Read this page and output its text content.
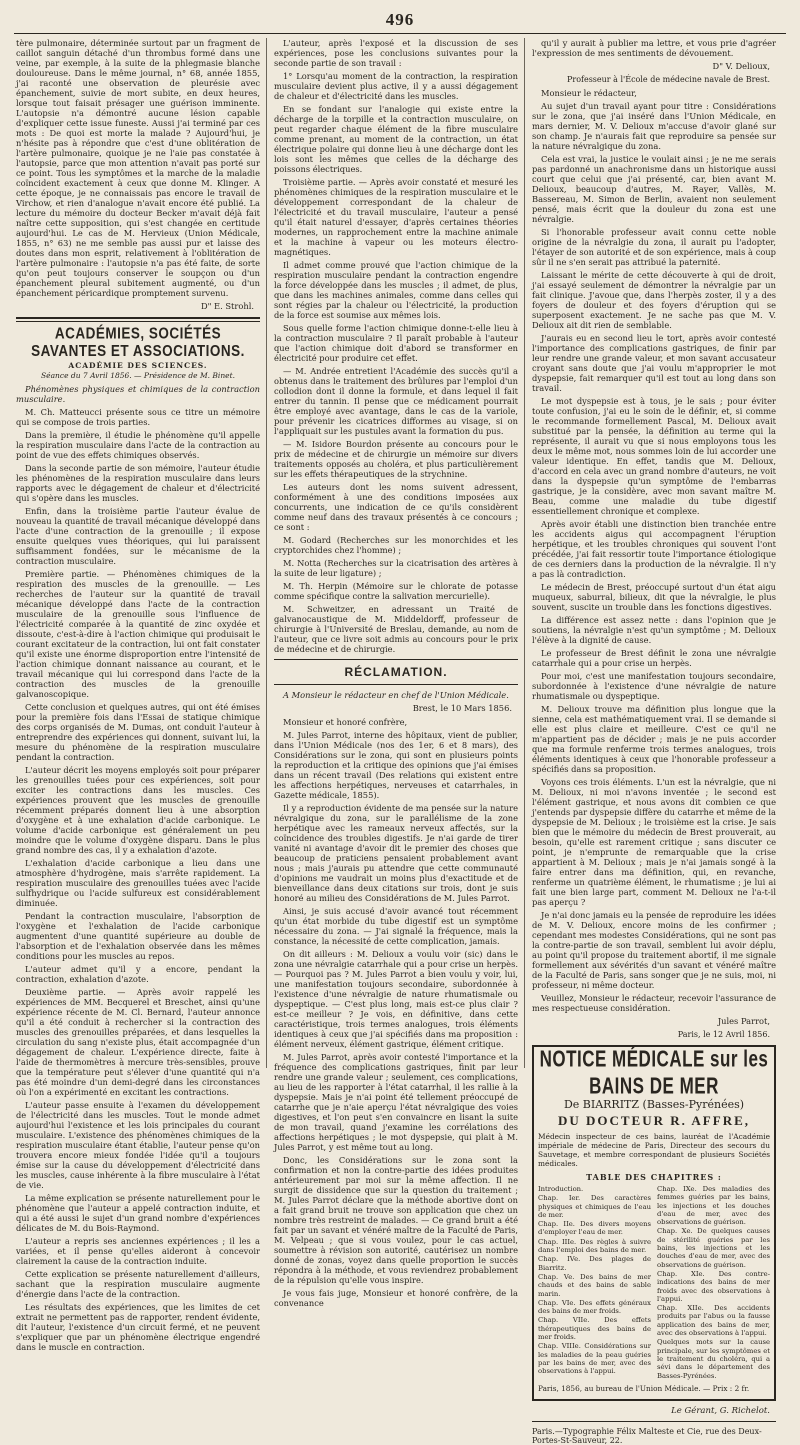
496

tère pulmonaire, déterminée surtout par un fragment de caillot sanguin détaché d'un thrombus formé dans une veine, par exemple, à la suite de la phlegmasie blanche douloureuse. Dans le même journal, n° 68, année 1855, j'ai raconté une observation de pleurésie avec épanchement, suivie de mort subite, en deux heures, lorsque tout faisait présager une guérison imminente. L'autopsie n'a démontré aucune lésion capable d'expliquer cette issue funeste. Aussi j'ai terminé par ces mots : De quoi est morte la malade ? Aujourd'hui, je n'hésite pas à répondre que c'est d'une oblitération de l'artère pulmonaire, quoique je ne l'aie pas constatée à l'autopsie, parce que mon attention n'avait pas porté sur ce point. Tous les symptômes et la marche de la maladie coïncident exactement à ceux que donne M. Klinger. A cette époque, je ne connaissais pas encore le travail de Virchow, et rien d'analogue n'avait encore été publié. La lecture du mémoire du docteur Becker m'avait déjà fait naître cette supposition, qui s'est changée en certitude aujourd'hui. Le cas de M. Hervieux (Union Médicale, 1855, n° 63) ne me semble pas aussi pur et laisse des doutes dans mon esprit, relativement à l'oblitération de l'artère pulmonaire : l'autopsie n'a pas été faite, de sorte qu'on peut toujours conserver le soupçon ou d'un épanchement pleural subitement augmenté, ou d'un épanchement péricardique promptement survenu.

D" E. Strohl.
ACADÉMIES, SOCIÉTÉS SAVANTES ET ASSOCIATIONS.
ACADÉMIE DES SCIENCES.
Séance du 7 Avril 1856. — Présidence de M. Binet.

Phénomènes physiques et chimiques de la contraction musculaire.

M. Ch. Matteucci présente sous ce titre un mémoire qui se compose de trois parties.

Dans la première, il étudie le phénomène qu'il appelle la respiration musculaire dans l'acte de la contraction au point de vue des effets chimiques observés.

Dans la seconde partie de son mémoire, l'auteur étudie les phénomènes de la respiration musculaire dans leurs rapports avec le dégagement de chaleur et d'électricité qui s'opère dans les muscles.

Enfin, dans la troisième partie l'auteur évalue de nouveau la quantité de travail mécanique développé dans l'acte d'une contraction de la grenouille ; il expose ensuite quelques vues théoriques, qui lui paraissent suffisamment fondées, sur le mécanisme de la contraction musculaire.

Première partie. — Phénomènes chimiques de la respiration des muscles de la grenouille. — Les recherches de l'auteur sur la quantité de travail mécanique développé dans l'acte de la contraction musculaire de la grenouille sous l'influence de l'électricité comparée à la quantité de zinc oxydée et dissoute, c'est-à-dire à l'action chimique qui produisait le courant excitateur de la contraction, lui ont fait constater qu'il existe une énorme disproportion entre l'intensité de l'action chimique donnant naissance au courant, et le travail mécanique qui lui correspond dans l'acte de la contraction des muscles de la grenouille galvanoscopique.

Cette conclusion et quelques autres, qui ont été émises pour la première fois dans l'Essai de statique chimique des corps organisés de M. Dumas, ont conduit l'auteur à entreprendre des expériences qui donnent, suivant lui, la mesure du phénomène de la respiration musculaire pendant la contraction.

L'auteur décrit les moyens employés soit pour préparer les grenouilles tuées pour ces expériences, soit pour exciter les contractions dans les muscles. Ces expériences prouvent que les muscles de grenouille récemment préparés donnent lieu à une absorption d'oxygène et à une exhalation d'acide carbonique. Le volume d'acide carbonique est généralement un peu moindre que le volume d'oxygène disparu. Dans le plus grand nombre des cas, il y a exhalation d'azote.

L'exhalation d'acide carbonique a lieu dans une atmosphère d'hydrogène, mais s'arrête rapidement. La respiration musculaire des grenouilles tuées avec l'acide sulfhydrique ou l'acide sulfureux est considérablement diminuée.

Pendant la contraction musculaire, l'absorption de l'oxygène et l'exhalation de l'acide carbonique augmentent d'une quantité supérieure au double de l'absorption et de l'exhalation observée dans les mêmes conditions pour les muscles au repos.

L'auteur admet qu'il y a encore, pendant la contraction, exhalation d'azote.

Deuxième partie. — Après avoir rappelé les expériences de MM. Becquerel et Breschet, ainsi qu'une expérience récente de M. Cl. Bernard, l'auteur annonce qu'il a été conduit à rechercher si la contraction des muscles des grenouilles préparées, et dans lesquelles la circulation du sang n'existe plus, était accompagnée d'un dégagement de chaleur. L'expérience directe, faite à l'aide de thermomètres à mercure très-sensibles, prouve que la température peut s'élever d'une quantité qui n'a pas été moindre d'un demi-degré dans les circonstances où l'on a expérimenté en excitant les contractions.

L'auteur passe ensuite à l'examen du développement de l'électricité dans les muscles. Tout le monde admet aujourd'hui l'existence et les lois principales du courant musculaire. L'existence des phénomènes chimiques de la respiration musculaire étant établie, l'auteur pense qu'on trouvera encore mieux fondée l'idée qu'il a toujours émise sur la cause du développement d'électricité dans les muscles, cause inhérente à la fibre musculaire à l'état de vie.

La même explication se présente naturellement pour le phénomène que l'auteur a appelé contraction induite, et qui a été aussi le sujet d'un grand nombre d'expériences délicates de M. du Bois-Raymond.

L'auteur a repris ses anciennes expériences ; il les a variées, et il pense qu'elles aideront à concevoir clairement la cause de la contraction induite.

Cette explication se présente naturellement d'ailleurs, sachant que la respiration musculaire augmente d'énergie dans l'acte de la contraction.

Les résultats des expériences, que les limites de cet extrait ne permettent pas de rapporter, rendent évidente, dit l'auteur, l'existence d'un circuit fermé, et ne peuvent s'expliquer que par un phénomène électrique engendré dans le muscle en contraction.

L'auteur, après l'exposé et la discussion de ses expériences, pose les conclusions suivantes pour la seconde partie de son travail :

1° Lorsqu'au moment de la contraction, la respiration musculaire devient plus active, il y a aussi dégagement de chaleur et d'électricité dans les muscles.

En se fondant sur l'analogie qui existe entre la décharge de la torpille et la contraction musculaire, on peut regarder chaque élément de la fibre musculaire comme prenant, au moment de la contraction, un état électrique polaire qui donne lieu à une décharge dont les lois sont les mêmes que celles de la décharge des poissons électriques.

Troisième partie. — Après avoir constaté et mesuré les phénomènes chimiques de la respiration musculaire et le développement correspondant de la chaleur de l'électricité et du travail musculaire, l'auteur a pensé qu'il était naturel d'essayer, d'après certaines théories modernes, un rapprochement entre la machine animale et la machine à vapeur ou les moteurs électro-magnétiques.

Il admet comme prouvé que l'action chimique de la respiration musculaire pendant la contraction engendre la force développée dans les muscles ; il admet, de plus, que dans les machines animales, comme dans celles qui sont régies par la chaleur ou l'électricité, la production de la force est soumise aux mêmes lois.

Sous quelle forme l'action chimique donne-t-elle lieu à la contraction musculaire ? Il paraît probable à l'auteur que l'action chimique doit d'abord se transformer en électricité pour produire cet effet.

— M. Andrée entretient l'Académie des succès qu'il a obtenus dans le traitement des brûlures par l'emploi d'un collodion dont il donne la formule, et dans lequel il fait entrer du tannin. Il pense que ce médicament pourrait être employé avec avantage, dans le cas de la variole, pour prévenir les cicatrices difformes au visage, si on l'appliquait sur les pustules avant la formation du pus.

— M. Isidore Bourdon présente au concours pour le prix de médecine et de chirurgie un mémoire sur divers traitements opposés au choléra, et plus particulièrement sur les effets thérapeutiques de la strychnine.

Les auteurs dont les noms suivent adressent, conformément à une des conditions imposées aux concurrents, une indication de ce qu'ils considèrent comme neuf dans des travaux présentés à ce concours ; ce sont :

M. Godard (Recherches sur les monorchides et les cryptorchides chez l'homme) ;

M. Notta (Recherches sur la cicatrisation des artères à la suite de leur ligature) ;

M. Th. Herpin (Mémoire sur le chlorate de potasse comme spécifique contre la salivation mercurielle).

M. Schweitzer, en adressant un Traité de galvanocaustique de M. Middeldorff, professeur de chirurgie à l'Université de Breslau, demande, au nom de l'auteur, que ce livre soit admis au concours pour le prix de médecine et de chirurgie.

RÉCLAMATION.

A Monsieur le rédacteur en chef de l'Union Médicale.

Brest, le 10 Mars 1856.

Monsieur et honoré confrère,

M. Jules Parrot, interne des hôpitaux, vient de publier, dans l'Union Médicale (nos des 1er, 6 et 8 mars), des Considérations sur le zona, qui sont en plusieurs points la reproduction et la critique des opinions que j'ai émises dans un récent travail (Des relations qui existent entre les affections herpétiques, nerveuses et catarrhales, in Gazette médicale, 1855).

Il y a reproduction évidente de ma pensée sur la nature névralgique du zona, sur le parallélisme de la zone herpétique avec les rameaux nerveux affectés, sur la coïncidence des troubles digestifs. Je n'ai garde de tirer vanité ni avantage d'avoir dit le premier des choses que beaucoup de praticiens pensaient probablement avant nous ; mais j'aurais pu attendre que cette communauté d'opinions me vaudrait un moins plus d'exactitude et de bienveillance dans deux citations sur trois, dont je suis honoré au milieu des Considérations de M. Jules Parrot.

Ainsi, je suis accusé d'avoir avancé tout récemment qu'un état morbide du tube digestif est un symptôme nécessaire du zona. — J'ai signalé la fréquence, mais la constance, la nécessité de cette complication, jamais.

On dit ailleurs : M. Delioux a voulu voir (sic) dans le zona une névralgie catarrhale qui a pour crise un herpès. — Pourquoi pas ? M. Jules Parrot a bien voulu y voir, lui, une manifestation toujours secondaire, subordonnée à l'existence d'une névralgie de nature rhumatismale ou dyspeptique. — C'est plus long, mais est-ce plus clair ? est-ce meilleur ? Je vois, en définitive, dans cette caractéristique, trois termes analogues, trois éléments identiques à ceux que j'ai spécifiés dans ma proposition : élément nerveux, élément gastrique, élément critique.

M. Jules Parrot, après avoir contesté l'importance et la fréquence des complications gastriques, finit par leur rendre une grande valeur ; seulement, ces complications, au lieu de les rapporter à l'état catarrhal, il les rallie à la dyspepsie. Mais je n'ai point été tellement préoccupé de catarrhe que je n'aie aperçu l'état névralgique des voies digestives, et l'on peut s'en convaincre en lisant la suite de mon travail, quand j'examine les corrélations des affections herpétiques ; le mot dyspepsie, qui plait à M. Jules Parrot, y est même tout au long.

Donc, les Considérations sur le zona sont la confirmation et non la contre-partie des idées produites antérieurement par moi sur la même affection. Il ne surgit de dissidence que sur la question du traitement ; M. Jules Parrot déclare que la méthode abortive dont on a fait grand bruit ne trouve son application que chez un nombre très restreint de malades. — Ce grand bruit a été fait par un savant et vénéré maître de la Faculté de Paris, M. Velpeau ; que si vous voulez, pour le cas actuel, soumettre à révision son autorité, cautérisez un nombre donné de zonas, voyez dans quelle proportion le succès répondra à la méthode, et vous reviendrez probablement de la répulsion qu'elle vous inspire.

Je vous fais juge, Monsieur et honoré confrère, de la convenance

qu'il y aurait à publier ma lettre, et vous prie d'agréer l'expression de mes sentiments de dévouement.

D" V. Delioux,
Professeur à l'École de médecine navale de Brest.

Monsieur le rédacteur,

Au sujet d'un travail ayant pour titre : Considérations sur le zona, que j'ai inséré dans l'Union Médicale, en mars dernier, M. V. Delioux m'accuse d'avoir glané sur son champ. Je n'aurais fait que reproduire sa pensée sur la nature névralgique du zona.

Cela est vrai, la justice le voulait ainsi ; je ne me serais pas pardonné un anachronisme dans un historique aussi court que celui que j'ai présenté, car, bien avant M. Delioux, beaucoup d'autres, M. Rayer, Vallès, M. Bassereau, M. Simon de Berlin, avaient non seulement pensé, mais écrit que la douleur du zona est une névralgie.

Si l'honorable professeur avait connu cette noble origine de la névralgie du zona, il aurait pu l'adopter, l'étayer de son autorité et de son expérience, mais à coup sûr il ne s'en serait pas attribué la paternité.

Laissant le mérite de cette découverte à qui de droit, j'ai essayé seulement de démontrer la névralgie par un fait clinique. J'avoue que, dans l'herpès zoster, il y a des foyers de douleur et des foyers d'éruption qui se superposent exactement. Je ne sache pas que M. V. Delioux ait dit rien de semblable.

J'aurais eu en second lieu le tort, après avoir contesté l'importance des complications gastriques, de finir par leur rendre une grande valeur, et mon savant accusateur croyant sans doute que j'ai voulu m'approprier le mot dyspepsie, fait remarquer qu'il est tout au long dans son travail.

Le mot dyspepsie est à tous, je le sais ; pour éviter toute confusion, j'ai eu le soin de le définir, et, si comme le recommande formellement Pascal, M. Delioux avait substitué par la pensée, la définition au terme qui la représente, il aurait vu que si nous employons tous les deux le même mot, nous sommes loin de lui accorder une valeur identique. En effet, tandis que M. Delioux, d'accord en cela avec un grand nombre d'auteurs, ne voit dans la dyspepsie qu'un symptôme de l'embarras gastrique, je la considère, avec mon savant maître M. Beau, comme une maladie du tube digestif essentiellement chronique et complexe.

Après avoir établi une distinction bien tranchée entre les accidents aigus qui accompagnent l'éruption herpétique, et les troubles chroniques qui souvent l'ont précédée, j'ai fait ressortir toute l'importance étiologique de ces derniers dans la production de la névralgie. Il n'y a pas là contradiction.

Le médecin de Brest, préoccupé surtout d'un état aigu muqueux, saburral, bilieux, dit que la névralgie, le plus souvent, suscite un trouble dans les fonctions digestives.

La différence est assez nette : dans l'opinion que je soutiens, la névralgie n'est qu'un symptôme ; M. Delioux l'élève à la dignité de cause.

Le professeur de Brest définit le zona une névralgie catarrhale qui a pour crise un herpès.

Pour moi, c'est une manifestation toujours secondaire, subordonnée à l'existence d'une névralgie de nature rhumatismale ou dyspeptique.

M. Delioux trouve ma définition plus longue que la sienne, cela est mathématiquement vrai. Il se demande si elle est plus claire et meilleure. C'est ce qu'il ne m'appartient pas de décider ; mais je ne puis accorder que ma formule renferme trois termes analogues, trois éléments identiques à ceux que l'honorable professeur a spécifiés dans sa proposition.

Voyons ces trois éléments. L'un est la névralgie, que ni M. Delioux, ni moi n'avons inventée ; le second est l'élément gastrique, et nous avons dit combien ce que j'entends par dyspepsie diffère du catarrhe et même de la dyspepsie de M. Delioux ; le troisième est la crise. Je sais bien que le mémoire du médecin de Brest prouverait, au besoin, qu'elle est rarement critique ; sans discuter ce point, je n'emprunte de remarquable que la crise appartient à M. Delioux ; mais je n'ai jamais songé à la faire entrer dans ma définition, qui, en revanche, renferme un quatrième élément, le rhumatisme ; je lui ai fait une bien large part, comment M. Delioux ne l'a-t-il pas aperçu ?

Je n'ai donc jamais eu la pensée de reproduire les idées de M. V. Delioux, encore moins de les confirmer ; cependant mes modestes Considérations, qui ne sont pas la contre-partie de son travail, semblent lui avoir déplu, au point qu'il propose du traitement abortif, il me signale formellement aux sévérités d'un savant et vénéré maître de la Faculté de Paris, sans songer que je ne suis, moi, ni professeur, ni même docteur.

Veuillez, Monsieur le rédacteur, recevoir l'assurance de mes respectueuse considération.

Jules Parrot,
Paris, le 12 Avril 1856.
NOTICE MÉDICALE sur les BAINS DE MER
De BIARRITZ (Basses-Pyrénées)
DU DOCTEUR R. AFFRE,
Médecin inspecteur de ces bains, lauréat de l'Académie impériale de médecine de Paris, Directeur des secours du Sauvetage, et membre correspondant de plusieurs Sociétés médicales.
TABLE DES CHAPITRES :
Introduction.
Chap. Ier. Des caractères physiques et chimiques de l'eau de mer.
Chap. IIe. Des divers moyens d'employer l'eau de mer.
Chap. IIIe. Des règles à suivre dans l'emploi des bains de mer.
Chap. IVe. Des plages de Biarritz.
Chap. Ve. Des bains de mer chauds et des bains de sable marin.
Chap. VIe. Des effets généraux des bains de mer froids.
Chap. VIIe. Des effets thérapeutiques des bains de mer froids.
Chap. VIIIe. Considérations sur les maladies de la peau guéries par les bains de mer, avec des observations à l'appui.
Chap. IXe. Des maladies des femmes guéries par les bains, les injections et les douches d'eau de mer, avec des observations de guérison.
Chap. Xe. De quelques causes de stérilité guéries par les bains, les injections et les douches d'eau de mer, avec des observations de guérison.
Chap. XIe. Des contre-indications des bains de mer froids avec des observations à l'appui.
Chap. XIIe. Des accidents produits par l'abus ou la fausse application des bains de mer, avec des observations à l'appui.
Quelques mots sur la cause principale, sur les symptômes et le traitement du choléra, qui a sévi dans le département des Basses-Pyrénées.
Paris, 1856, au bureau de l'Union Médicale. — Prix : 2 fr.
Le Gérant, G. Richelot.
Paris.—Typographie Félix Malteste et Cie, rue des Deux-Portes-St-Sauveur, 22.
